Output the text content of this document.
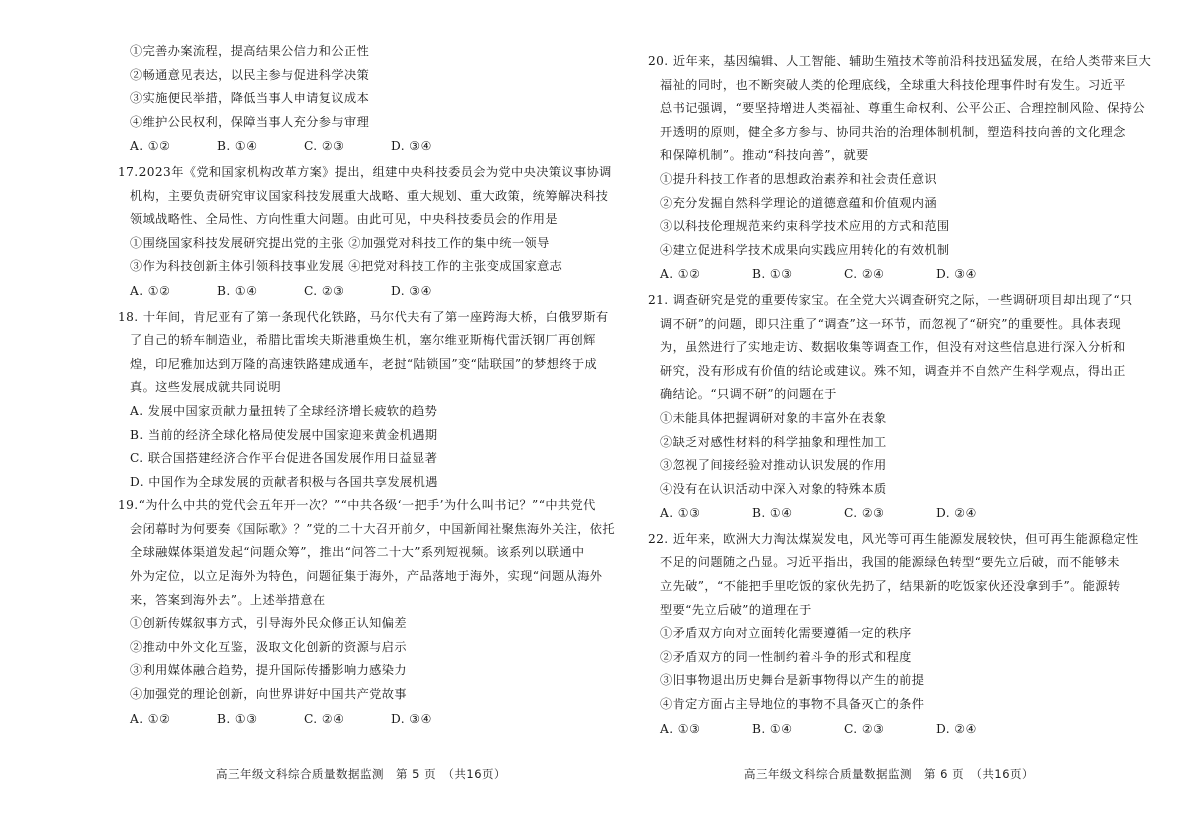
①完善办案流程，提高结果公信力和公正性
②畅通意见表达，以民主参与促进科学决策
③实施便民举措，降低当事人申请复议成本
④维护公民权利，保障当事人充分参与审理
A. ①②	B. ①④	C. ②③	D. ③④
17.2023年《党和国家机构改革方案》提出，组建中央科技委员会为党中央决策议事协调
机构，主要负责研究审议国家科技发展重大战略、重大规划、重大政策，统筹解决科技
领域战略性、全局性、方向性重大问题。由此可见，中央科技委员会的作用是
①围绕国家科技发展研究提出党的主张 ②加强党对科技工作的集中统一领导
③作为科技创新主体引领科技事业发展 ④把党对科技工作的主张变成国家意志
A. ①②	B. ①④	C. ②③	D. ③④
18. 十年间，肯尼亚有了第一条现代化铁路，马尔代夫有了第一座跨海大桥，白俄罗斯有
了自己的轿车制造业，希腊比雷埃夫斯港重焕生机，塞尔维亚斯梅代雷沃钢厂再创辉
煌，印尼雅加达到万隆的高速铁路建成通车，老挝“陆锁国”变“陆联国”的梦想终于成
真。这些发展成就共同说明
A. 发展中国家贡献力量扭转了全球经济增长疲软的趋势
B. 当前的经济全球化格局使发展中国家迎来黄金机遇期
C. 联合国搭建经济合作平台促进各国发展作用日益显著
D. 中国作为全球发展的贡献者积极与各国共享发展机遇
19.“为什么中共的党代会五年开一次？”“中共各级‘一把手’为什么叫书记？”“中共党代
会闭幕时为何要奏《国际歌》？”党的二十大召开前夕，中国新闻社聚焦海外关注，依托
全球融媒体渠道发起“问题众筹”，推出“问答二十大”系列短视频。该系列以联通中
外为定位，以立足海外为特色，问题征集于海外，产品落地于海外，实现“问题从海外
来，答案到海外去”。上述举措意在
①创新传媒叙事方式，引导海外民众修正认知偏差
②推动中外文化互鉴，汲取文化创新的资源与启示
③利用媒体融合趋势，提升国际传播影响力感染力
④加强党的理论创新，向世界讲好中国共产党故事
A. ①②	B. ①③	C. ②④	D. ③④
高三年级文科综合质量数据监测　第 5 页　（共16页）
20. 近年来，基因编辑、人工智能、辅助生殖技术等前沿科技迅猛发展，在给人类带来巨大
福祉的同时，也不断突破人类的伦理底线，全球重大科技伦理事件时有发生。习近平
总书记强调，“要坚持增进人类福祉、尊重生命权利、公平公正、合理控制风险、保持公
开透明的原则，健全多方参与、协同共治的治理体制机制，塑造科技向善的文化理念
和保障机制”。推动“科技向善”，就要
①提升科技工作者的思想政治素养和社会责任意识
②充分发掘自然科学理论的道德意蕴和价值观内涵
③以科技伦理规范来约束科学技术应用的方式和范围
④建立促进科学技术成果向实践应用转化的有效机制
A. ①②	B. ①③	C. ②④	D. ③④
21. 调查研究是党的重要传家宝。在全党大兴调查研究之际，一些调研项目却出现了“只
调不研”的问题，即只注重了“调查”这一环节，而忽视了“研究”的重要性。具体表现
为，虽然进行了实地走访、数据收集等调查工作，但没有对这些信息进行深入分析和
研究，没有形成有价值的结论或建议。殊不知，调查并不自然产生科学观点，得出正
确结论。“只调不研”的问题在于
①未能具体把握调研对象的丰富外在表象
②缺乏对感性材料的科学抽象和理性加工
③忽视了间接经验对推动认识发展的作用
④没有在认识活动中深入对象的特殊本质
A. ①③	B. ①④	C. ②③	D. ②④
22. 近年来，欧洲大力淘汰煤炭发电，风光等可再生能源发展较快，但可再生能源稳定性
不足的问题随之凸显。习近平指出，我国的能源绿色转型“要先立后破，而不能够未
立先破”，“不能把手里吃饭的家伙先扔了，结果新的吃饭家伙还没拿到手”。能源转
型要“先立后破”的道理在于
①矛盾双方向对立面转化需要遵循一定的秩序
②矛盾双方的同一性制约着斗争的形式和程度
③旧事物退出历史舞台是新事物得以产生的前提
④肯定方面占主导地位的事物不具备灭亡的条件
A. ①③	B. ①④	C. ②③	D. ②④
高三年级文科综合质量数据监测　第 6 页　（共16页）
